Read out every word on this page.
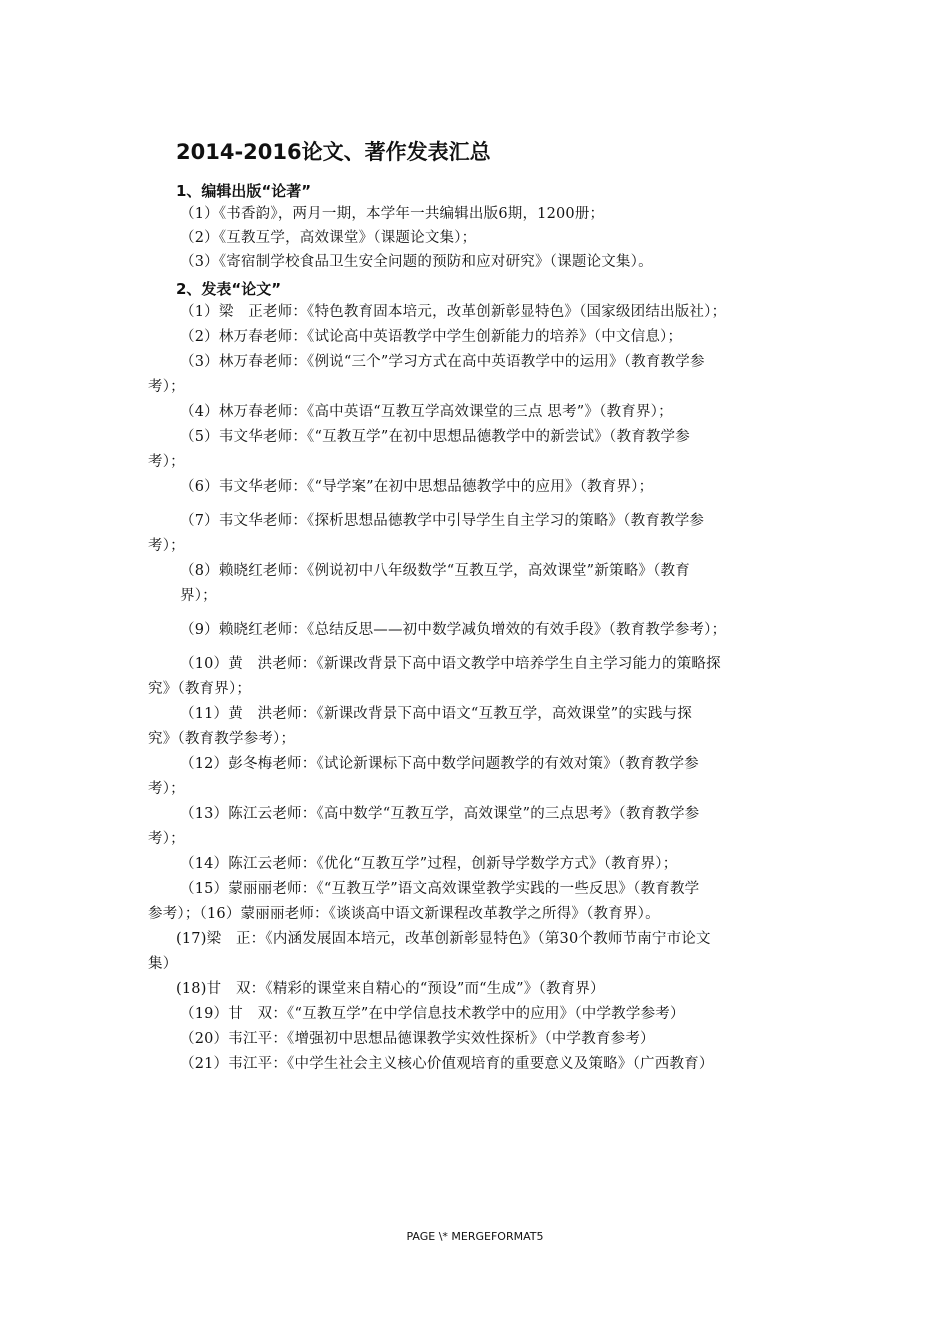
2014-2016论文、著作发表汇总
1、编辑出版“论著”
（1）《书香韵》，两月一期，本学年一共编辑出版6期，1200册；
（2）《互教互学，高效课堂》（课题论文集）；
（3）《寄宿制学校食品卫生安全问题的预防和应对研究》（课题论文集）。
2、发表“论文”
（1）梁　正老师：《特色教育固本培元，改革创新彰显特色》（国家级团结出版社）；
（2）林万春老师：《试论高中英语教学中学生创新能力的培养》（中文信息）；
（3）林万春老师：《例说“三个”学习方式在高中英语教学中的运用》（教育教学参
考）；
（4）林万春老师：《高中英语“互教互学高效课堂的三点 思考”》（教育界）；
（5）韦文华老师：《“互教互学”在初中思想品德教学中的新尝试》（教育教学参
考）；
（6）韦文华老师：《“导学案”在初中思想品德教学中的应用》（教育界）；
（7）韦文华老师：《探析思想品德教学中引导学生自主学习的策略》（教育教学参
考）；
（8）赖晓红老师：《例说初中八年级数学“互教互学，高效课堂”新策略》（教育
界）；
（9）赖晓红老师：《总结反思——初中数学减负增效的有效手段》（教育教学参考）；
（10）黄　洪老师：《新课改背景下高中语文教学中培养学生自主学习能力的策略探
究》（教育界）；
（11）黄　洪老师：《新课改背景下高中语文“互教互学，高效课堂”的实践与探
究》（教育教学参考）；
（12）彭冬梅老师：《试论新课标下高中数学问题教学的有效对策》（教育教学参
考）；
（13）陈江云老师：《高中数学“互教互学，高效课堂”的三点思考》（教育教学参
考）；
（14）陈江云老师：《优化“互教互学”过程，创新导学数学方式》（教育界）；
（15）蒙丽丽老师：《“互教互学”语文高效课堂教学实践的一些反思》（教育教学
参考）；（16）蒙丽丽老师：《谈谈高中语文新课程改革教学之所得》（教育界）。
(17)梁　正：《内涵发展固本培元，改革创新彰显特色》（第30个教师节南宁市论文
集）
(18)甘　双：《精彩的课堂来自精心的“预设”而“生成”》（教育界）
（19）甘　双：《“互教互学”在中学信息技术教学中的应用》（中学教学参考）
（20）韦江平：《增强初中思想品德课教学实效性探析》（中学教育参考）
（21）韦江平：《中学生社会主义核心价值观培育的重要意义及策略》（广西教育）
PAGE \* MERGEFORMAT5
